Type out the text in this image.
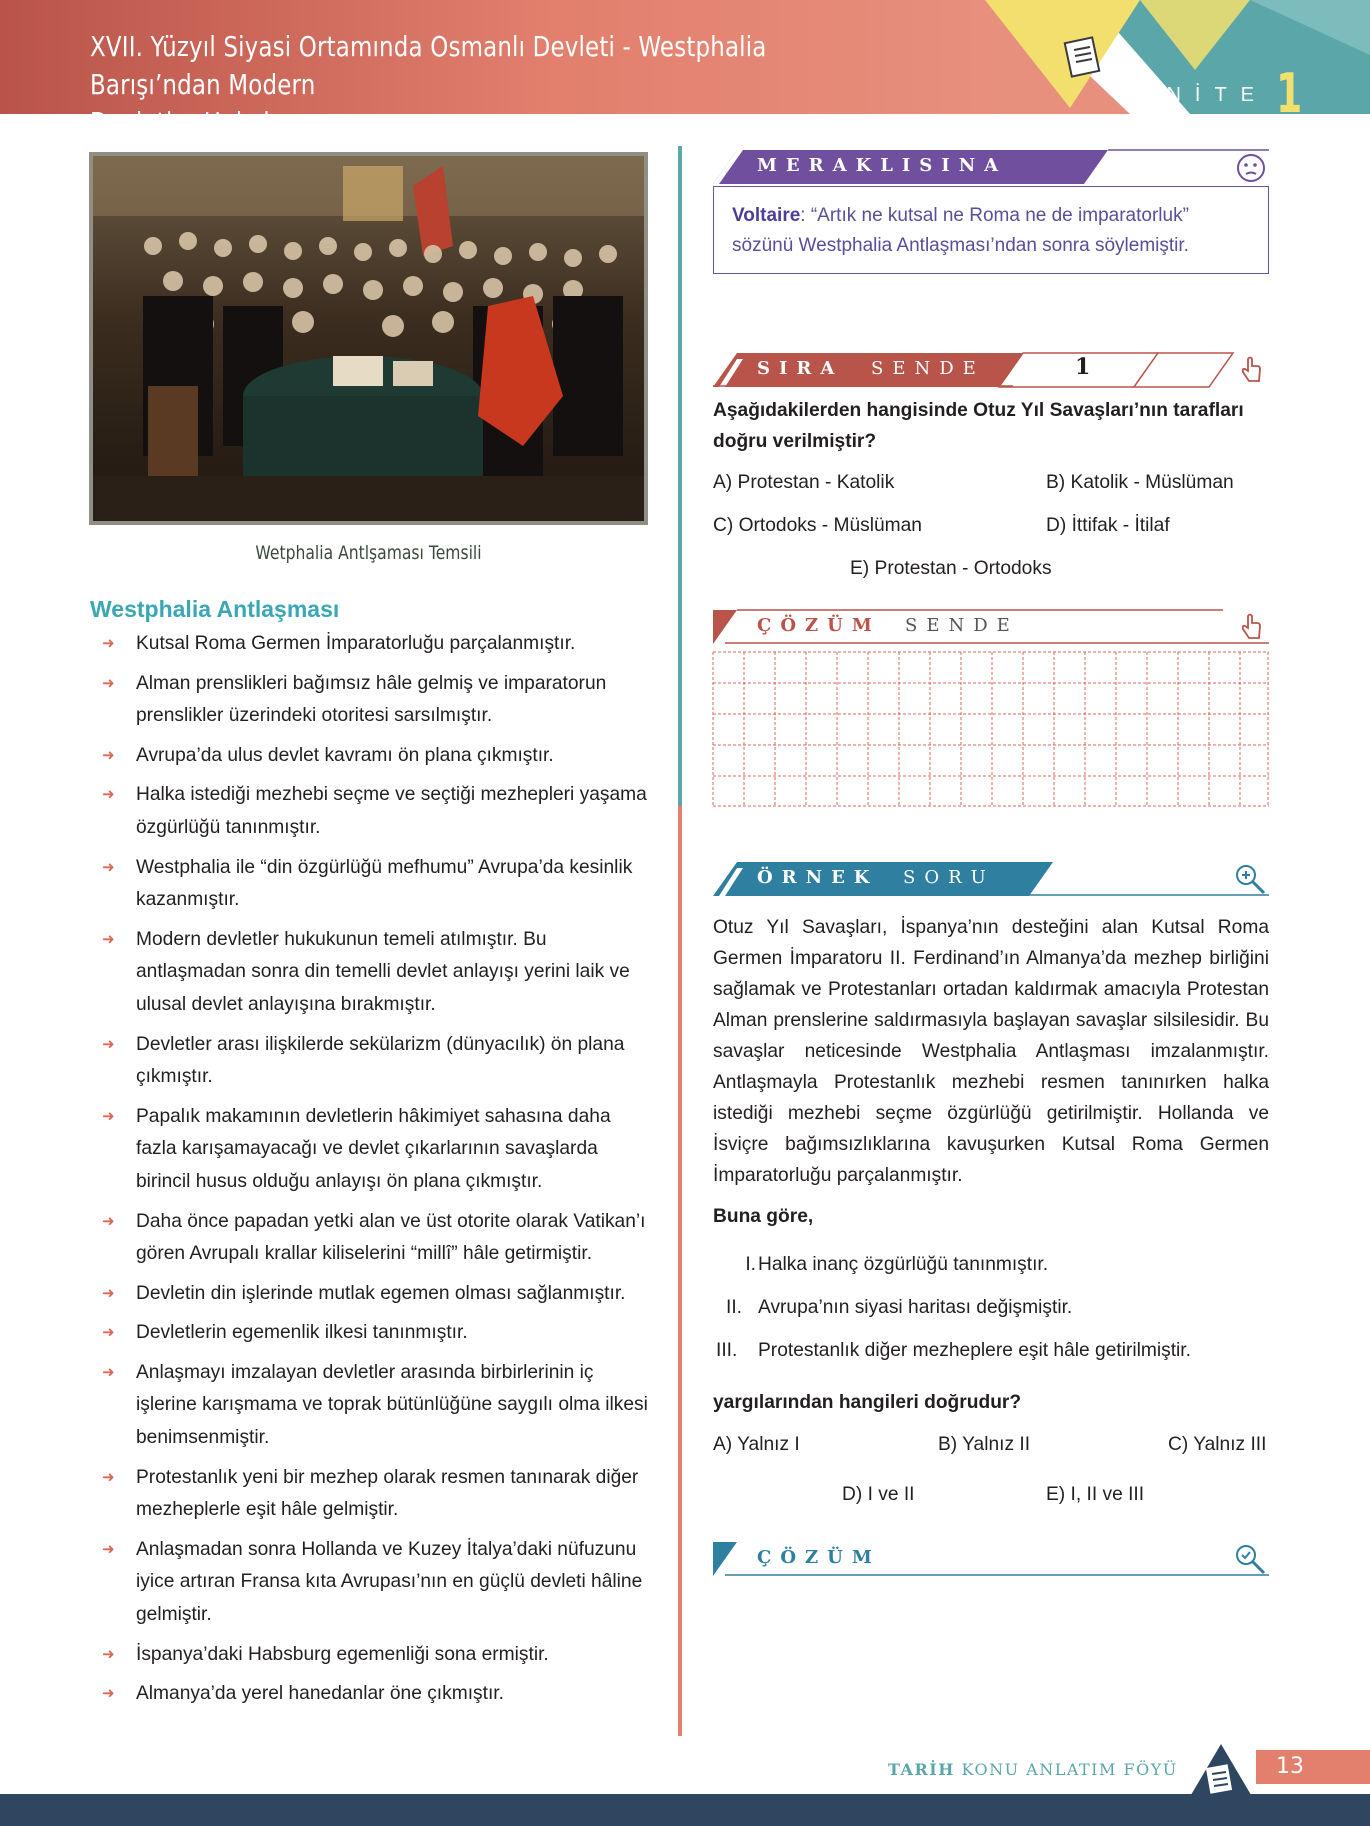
XVII. Yüzyıl Siyasi Ortamında Osmanlı Devleti - Westphalia Barışı’ndan Modern
Devletler Hukukuna
ÜNİTE 1
Wetphalia Antlşaması Temsili
Westphalia Antlaşması
➜ Kutsal Roma Germen İmparatorluğu parçalanmıştır.
➜ Alman prenslikleri bağımsız hâle gelmiş ve imparatorun prenslikler üzerindeki otoritesi sarsılmıştır.
➜ Avrupa’da ulus devlet kavramı ön plana çıkmıştır.
➜ Halka istediği mezhebi seçme ve seçtiği mezhepleri yaşama özgürlüğü tanınmıştır.
➜ Westphalia ile “din özgürlüğü mefhumu” Avrupa’da kesinlik kazanmıştır.
➜ Modern devletler hukukunun temeli atılmıştır. Bu antlaşmadan sonra din temelli devlet anlayışı yerini laik ve ulusal devlet anlayışına bırakmıştır.
➜ Devletler arası ilişkilerde sekülarizm (dünyacılık) ön plana çıkmıştır.
➜ Papalık makamının devletlerin hâkimiyet sahasına daha fazla karışamayacağı ve devlet çıkarlarının savaşlarda birincil husus olduğu anlayışı ön plana çıkmıştır.
➜ Daha önce papadan yetki alan ve üst otorite olarak Vatikan’ı gören Avrupalı krallar kiliselerini “millî” hâle getirmiştir.
➜ Devletin din işlerinde mutlak egemen olması sağlanmıştır.
➜ Devletlerin egemenlik ilkesi tanınmıştır.
➜ Anlaşmayı imzalayan devletler arasında birbirlerinin iç işlerine karışmama ve toprak bütünlüğüne saygılı olma ilkesi benimsenmiştir.
➜ Protestanlık yeni bir mezhep olarak resmen tanınarak diğer mezheplerle eşit hâle gelmiştir.
➜ Anlaşmadan sonra Hollanda ve Kuzey İtalya’daki nüfuzunu iyice artıran Fransa kıta Avrupası’nın en güçlü devleti hâline gelmiştir.
➜ İspanya’daki Habsburg egemenliği sona ermiştir.
➜ Almanya’da yerel hanedanlar öne çıkmıştır.
MERAKLISINA
Voltaire: “Artık ne kutsal ne Roma ne de imparatorluk” sözünü Westphalia Antlaşması’ndan sonra söylemiştir.
SIRA SENDE	1
Aşağıdakilerden hangisinde Otuz Yıl Savaşları’nın tarafları doğru verilmiştir?
A) Protestan - Katolik	B) Katolik - Müslüman
C) Ortodoks - Müslüman	D) İttifak - İtilaf
E) Protestan - Ortodoks
ÇÖZÜM SENDE
ÖRNEK SORU
Otuz Yıl Savaşları, İspanya’nın desteğini alan Kutsal Roma Germen İmparatoru II. Ferdinand’ın Almanya’da mezhep birliğini sağlamak ve Protestanları ortadan kaldırmak amacıyla Protestan Alman prenslerine saldırmasıyla başlayan savaşlar silsilesidir. Bu savaşlar neticesinde Westphalia Antlaşması imzalanmıştır. Antlaşmayla Protestanlık mezhebi resmen tanınırken halka istediği mezhebi seçme özgürlüğü getirilmiştir. Hollanda ve İsviçre bağımsızlıklarına kavuşurken Kutsal Roma Germen İmparatorluğu parçalanmıştır.
Buna göre,
I. Halka inanç özgürlüğü tanınmıştır.
II. Avrupa’nın siyasi haritası değişmiştir.
III. Protestanlık diğer mezheplere eşit hâle getirilmiştir.
yargılarından hangileri doğrudur?
A) Yalnız I	B) Yalnız II	C) Yalnız III
D) I ve II	E) I, II ve III
ÇÖZÜM
TARİH KONU ANLATIM FÖYÜ	13
